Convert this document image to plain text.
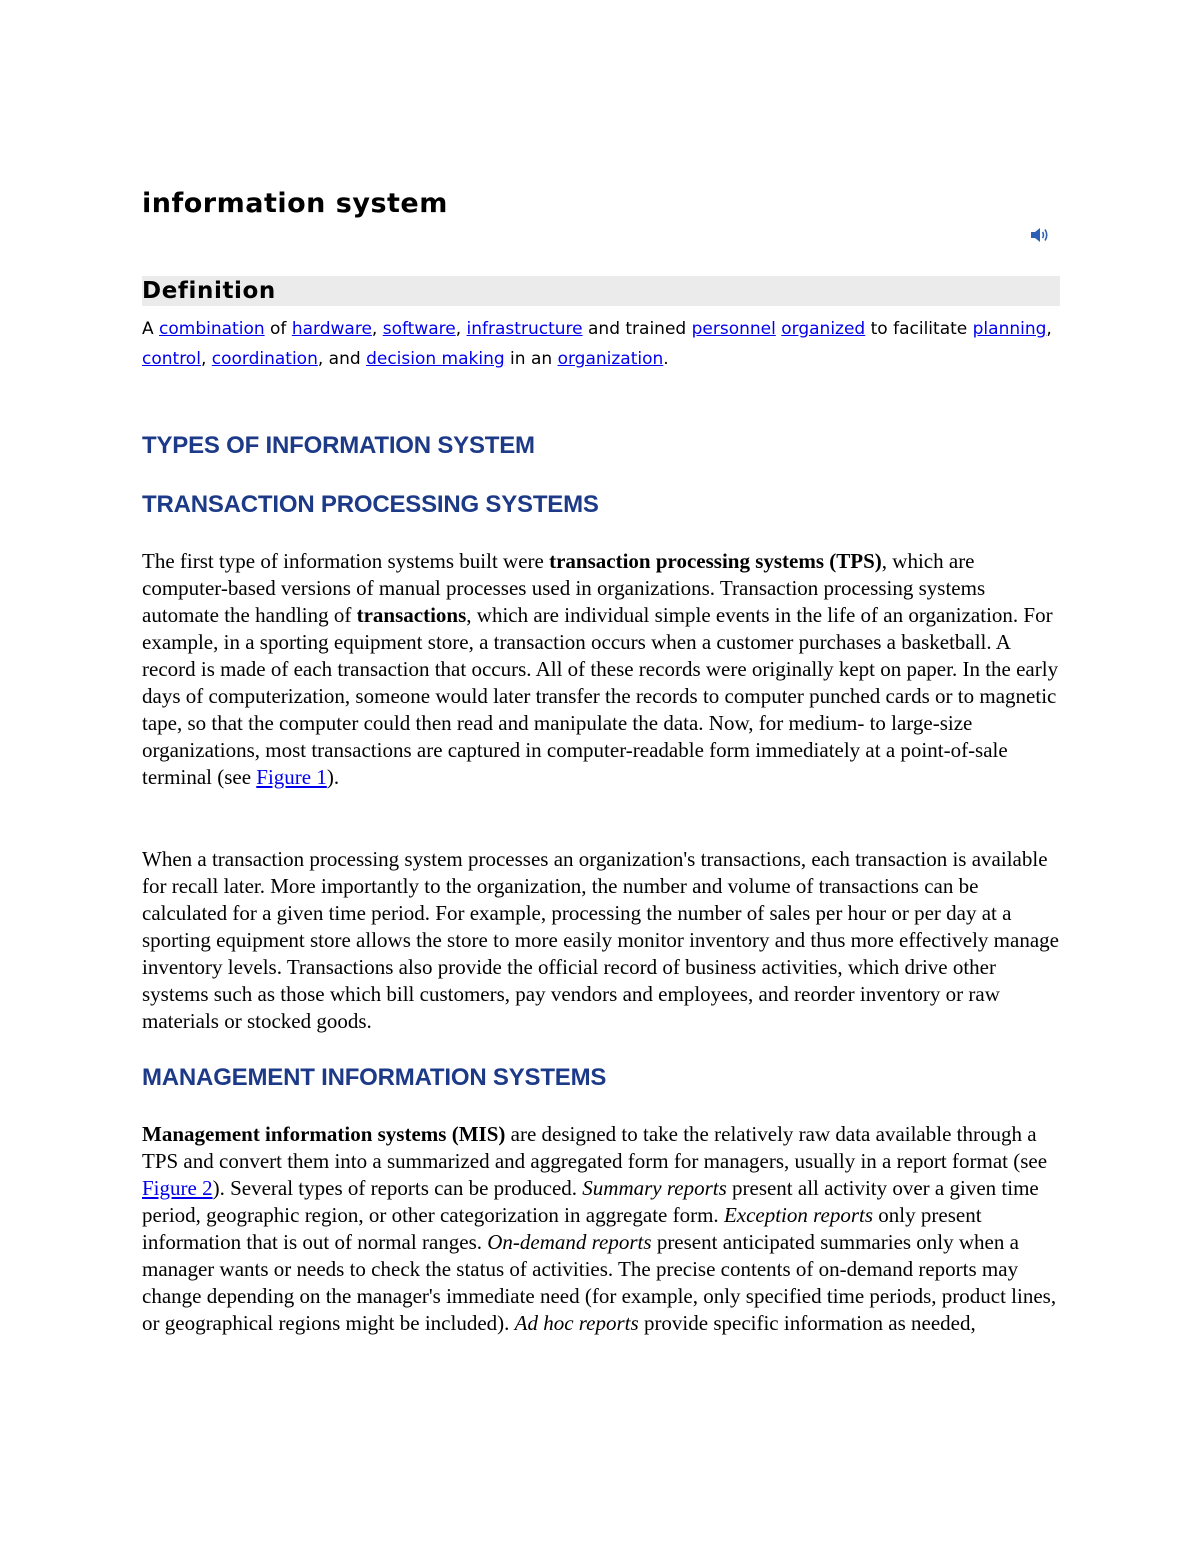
information system
Definition

A combination of hardware, software, infrastructure and trained personnel organized to facilitate planning, control, coordination, and decision making in an organization.

TYPES OF INFORMATION SYSTEM
TRANSACTION PROCESSING SYSTEMS

The first type of information systems built were transaction processing systems (TPS), which are computer-based versions of manual processes used in organizations. Transaction processing systems automate the handling of transactions, which are individual simple events in the life of an organization. For example, in a sporting equipment store, a transaction occurs when a customer purchases a basketball. A record is made of each transaction that occurs. All of these records were originally kept on paper. In the early days of computerization, someone would later transfer the records to computer punched cards or to magnetic tape, so that the computer could then read and manipulate the data. Now, for medium- to large-size organizations, most transactions are captured in computer-readable form immediately at a point-of-sale terminal (see Figure 1).

When a transaction processing system processes an organization's transactions, each transaction is available for recall later. More importantly to the organization, the number and volume of transactions can be calculated for a given time period. For example, processing the number of sales per hour or per day at a sporting equipment store allows the store to more easily monitor inventory and thus more effectively manage inventory levels. Transactions also provide the official record of business activities, which drive other systems such as those which bill customers, pay vendors and employees, and reorder inventory or raw materials or stocked goods.

MANAGEMENT INFORMATION SYSTEMS

Management information systems (MIS) are designed to take the relatively raw data available through a TPS and convert them into a summarized and aggregated form for managers, usually in a report format (see Figure 2). Several types of reports can be produced. Summary reports present all activity over a given time period, geographic region, or other categorization in aggregate form. Exception reports only present information that is out of normal ranges. On-demand reports present anticipated summaries only when a manager wants or needs to check the status of activities. The precise contents of on-demand reports may change depending on the manager's immediate need (for example, only specified time periods, product lines, or geographical regions might be included). Ad hoc reports provide specific information as needed,
